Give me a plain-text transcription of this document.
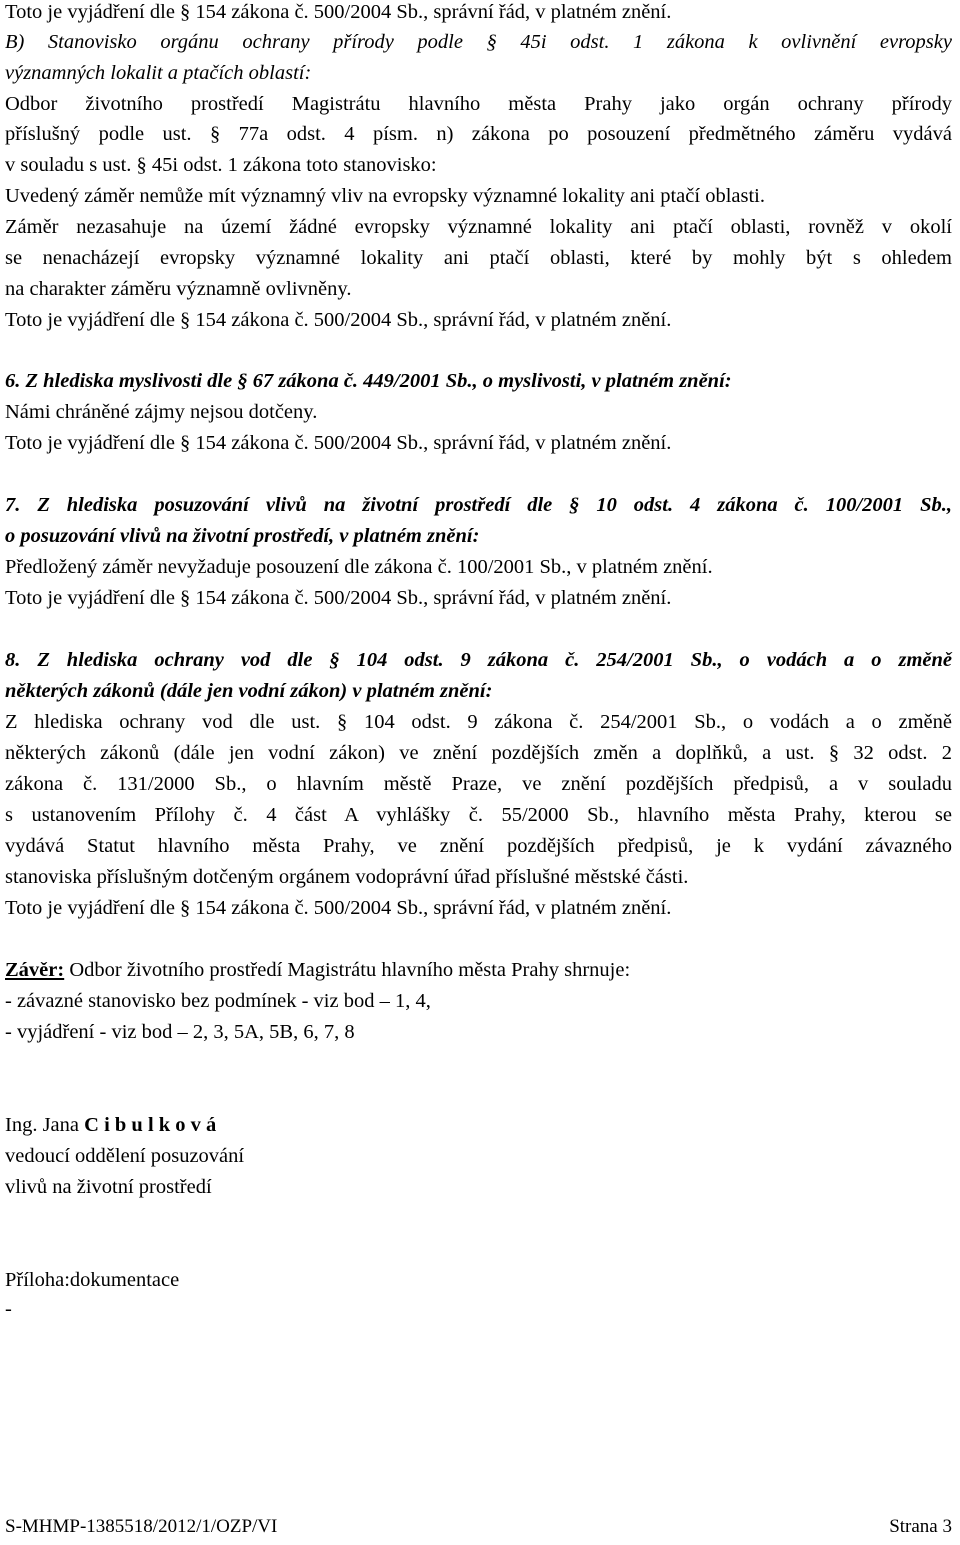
Toto je vyjádření dle § 154 zákona č. 500/2004 Sb., správní řád, v platném znění.
B) Stanovisko orgánu ochrany přírody podle § 45i odst. 1 zákona k ovlivnění evropsky
významných lokalit a ptačích oblastí:
Odbor životního prostředí Magistrátu hlavního města Prahy jako orgán ochrany přírody
příslušný podle ust. § 77a odst. 4 písm. n) zákona po posouzení předmětného záměru vydává
v souladu s ust. § 45i odst. 1 zákona toto stanovisko:
Uvedený záměr nemůže mít významný vliv na evropsky významné lokality ani ptačí oblasti.
Záměr nezasahuje na území žádné evropsky významné lokality ani ptačí oblasti, rovněž v okolí
se nenacházejí evropsky významné lokality ani ptačí oblasti, které by mohly být s ohledem
na charakter záměru významně ovlivněny.
Toto je vyjádření dle § 154 zákona č. 500/2004 Sb., správní řád, v platném znění.
6. Z hlediska myslivosti dle § 67 zákona č. 449/2001 Sb., o myslivosti, v platném znění:
Námi chráněné zájmy nejsou dotčeny.
Toto je vyjádření dle § 154 zákona č. 500/2004 Sb., správní řád, v platném znění.
7. Z hlediska posuzování vlivů na životní prostředí dle § 10 odst. 4 zákona č. 100/2001 Sb.,
o posuzování vlivů na životní prostředí, v platném znění:
Předložený záměr nevyžaduje posouzení dle zákona č. 100/2001 Sb., v platném znění.
Toto je vyjádření dle § 154 zákona č. 500/2004 Sb., správní řád, v platném znění.
8. Z hlediska ochrany vod dle § 104 odst. 9 zákona č. 254/2001 Sb., o vodách a o změně
některých zákonů (dále jen vodní zákon) v platném znění:
Z hlediska ochrany vod dle ust. § 104 odst. 9 zákona č. 254/2001 Sb., o vodách a o změně
některých zákonů (dále jen vodní zákon) ve znění pozdějších změn a doplňků, a ust. § 32 odst. 2
zákona č. 131/2000 Sb., o hlavním městě Praze, ve znění pozdějších předpisů, a v souladu
s ustanovením Přílohy č. 4 část A vyhlášky č. 55/2000 Sb., hlavního města Prahy, kterou se
vydává Statut hlavního města Prahy, ve znění pozdějších předpisů, je k vydání závazného
stanoviska příslušným dotčeným orgánem vodoprávní úřad příslušné městské části.
Toto je vyjádření dle § 154 zákona č. 500/2004 Sb., správní řád, v platném znění.
Závěr: Odbor životního prostředí Magistrátu hlavního města Prahy shrnuje:
- závazné stanovisko bez podmínek - viz bod – 1, 4,
- vyjádření - viz bod – 2, 3, 5A, 5B, 6, 7, 8
Ing. Jana C i b u l k o v á
vedoucí oddělení posuzování
vlivů na životní prostředí
Příloha:dokumentace
-
S-MHMP-1385518/2012/1/OZP/VI	Strana 3
